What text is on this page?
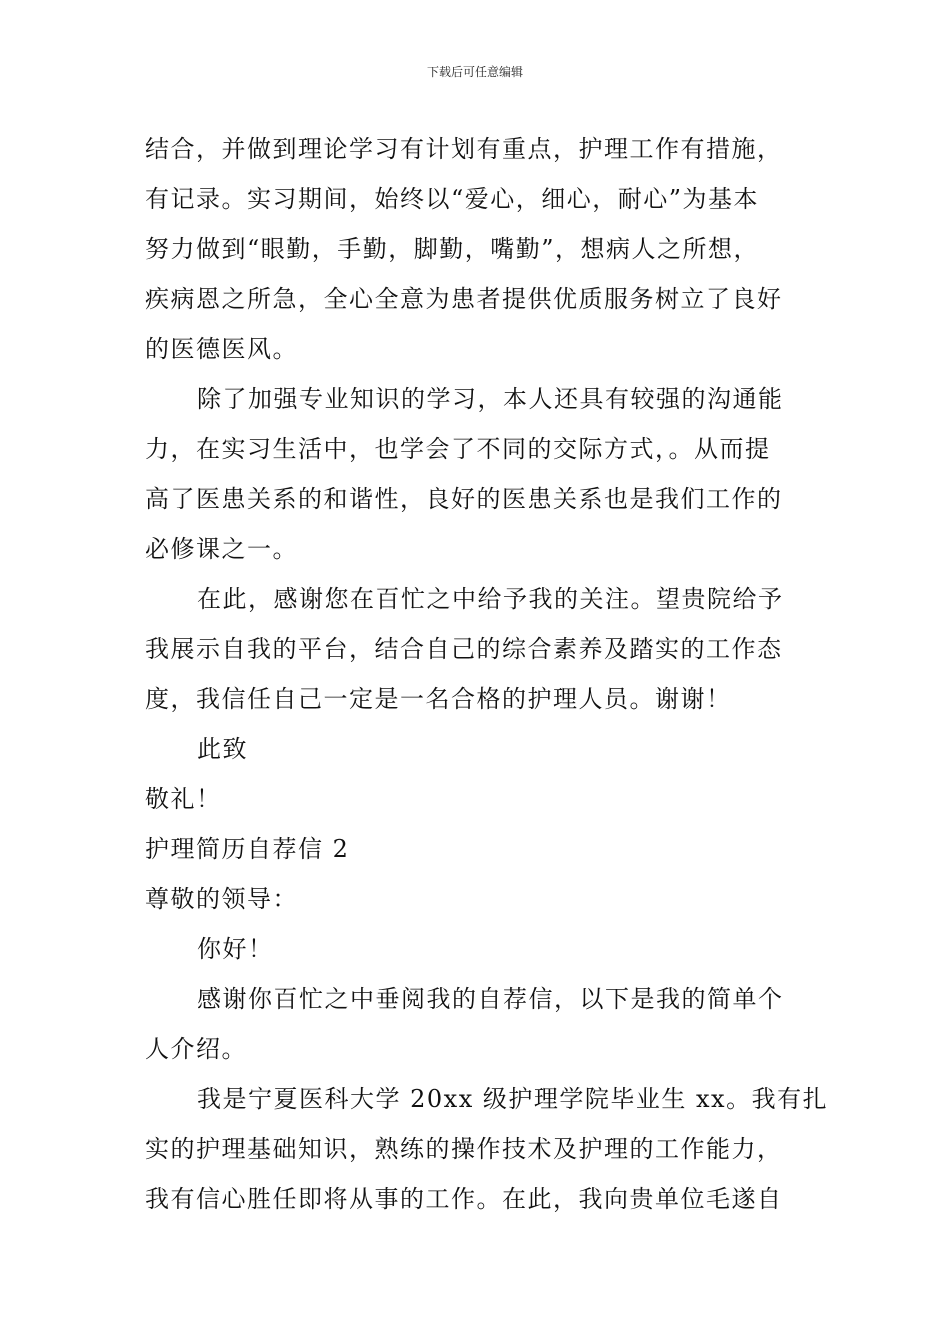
下载后可任意编辑
结合，并做到理论学习有计划有重点，护理工作有措施，
有记录。实习期间，始终以“爱心，细心，耐心”为基本
努力做到“眼勤，手勤，脚勤，嘴勤”，想病人之所想，
疾病恩之所急，全心全意为患者提供优质服务树立了良好
的医德医风。
除了加强专业知识的学习，本人还具有较强的沟通能
力，在实习生活中，也学会了不同的交际方式，。从而提
高了医患关系的和谐性，良好的医患关系也是我们工作的
必修课之一。
在此，感谢您在百忙之中给予我的关注。望贵院给予
我展示自我的平台，结合自己的综合素养及踏实的工作态
度，我信任自己一定是一名合格的护理人员。谢谢！
此致
敬礼！
护理简历自荐信 2
尊敬的领导：
你好！
感谢你百忙之中垂阅我的自荐信，以下是我的简单个
人介绍。
我是宁夏医科大学 20xx 级护理学院毕业生 xx。我有扎
实的护理基础知识，熟练的操作技术及护理的工作能力，
我有信心胜任即将从事的工作。在此，我向贵单位毛遂自
